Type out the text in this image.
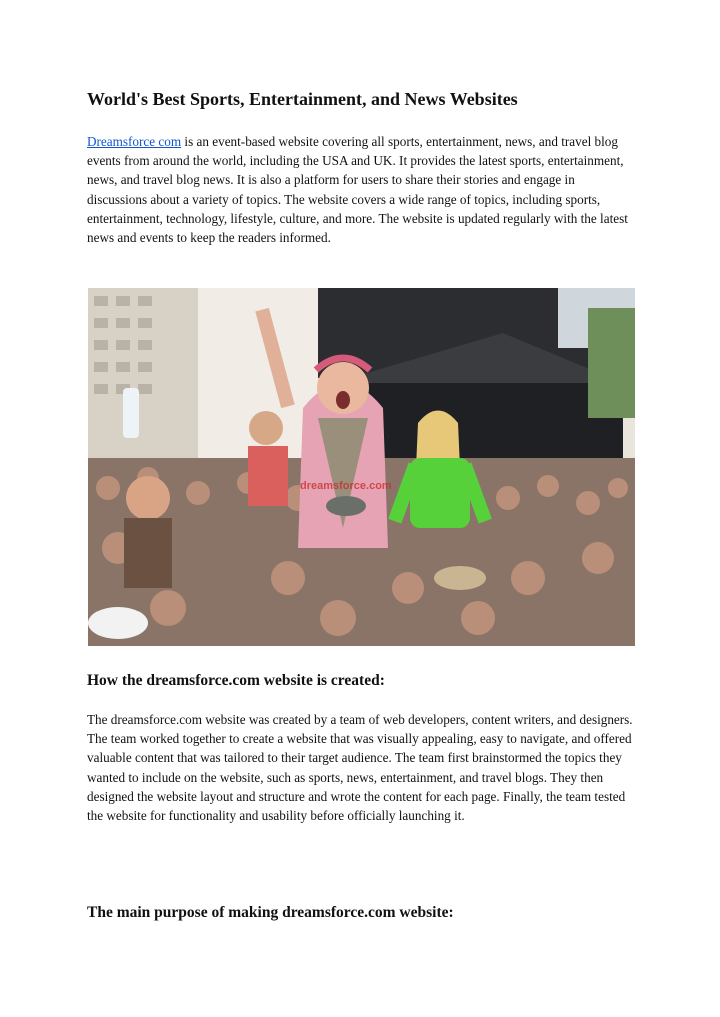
World's Best Sports, Entertainment, and News Websites

Dreamsforce com is an event-based website covering all sports, entertainment, news, and travel blog events from around the world, including the USA and UK. It provides the latest sports, entertainment, news, and travel blog news. It is also a platform for users to share their stories and engage in discussions about a variety of topics. The website covers a wide range of topics, including sports, entertainment, technology, lifestyle, culture, and more. The website is updated regularly with the latest news and events to keep the readers informed.

dreamsforce.com
How the dreamsforce.com website is created:

The dreamsforce.com website was created by a team of web developers, content writers, and designers. The team worked together to create a website that was visually appealing, easy to navigate, and offered valuable content that was tailored to their target audience. The team first brainstormed the topics they wanted to include on the website, such as sports, news, entertainment, and travel blogs. They then designed the website layout and structure and wrote the content for each page. Finally, the team tested the website for functionality and usability before officially launching it.

The main purpose of making dreamsforce.com website:
